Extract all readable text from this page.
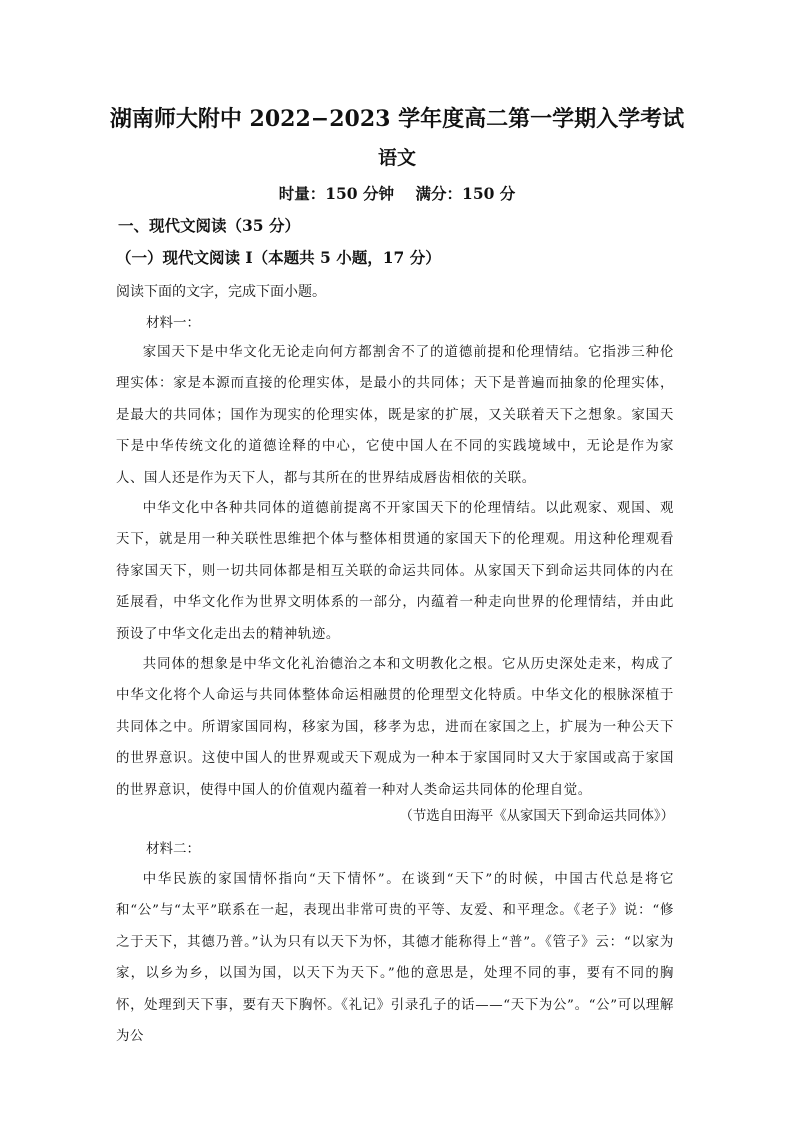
湖南师大附中 2022−2023 学年度高二第一学期入学考试
语文
时量：150 分钟    满分：150 分
一、现代文阅读（35 分）
（一）现代文阅读 I（本题共 5 小题，17 分）
阅读下面的文字，完成下面小题。
材料一：

家国天下是中华文化无论走向何方都割舍不了的道德前提和伦理情结。它指涉三种伦理实体：家是本源而直接的伦理实体，是最小的共同体；天下是普遍而抽象的伦理实体，是最大的共同体；国作为现实的伦理实体，既是家的扩展，又关联着天下之想象。家国天下是中华传统文化的道德诠释的中心，它使中国人在不同的实践境域中，无论是作为家人、国人还是作为天下人，都与其所在的世界结成唇齿相依的关联。

中华文化中各种共同体的道德前提离不开家国天下的伦理情结。以此观家、观国、观天下，就是用一种关联性思维把个体与整体相贯通的家国天下的伦理观。用这种伦理观看待家国天下，则一切共同体都是相互关联的命运共同体。从家国天下到命运共同体的内在延展看，中华文化作为世界文明体系的一部分，内蕴着一种走向世界的伦理情结，并由此预设了中华文化走出去的精神轨迹。

共同体的想象是中华文化礼治德治之本和文明教化之根。它从历史深处走来，构成了中华文化将个人命运与共同体整体命运相融贯的伦理型文化特质。中华文化的根脉深植于共同体之中。所谓家国同构，移家为国，移孝为忠，进而在家国之上，扩展为一种公天下的世界意识。这使中国人的世界观或天下观成为一种本于家国同时又大于家国或高于家国的世界意识，使得中国人的价值观内蕴着一种对人类命运共同体的伦理自觉。

（节选自田海平《从家国天下到命运共同体》）
材料二：

中华民族的家国情怀指向“天下情怀”。在谈到“天下”的时候，中国古代总是将它和“公”与“太平”联系在一起，表现出非常可贵的平等、友爱、和平理念。《老子》说：“修之于天下，其德乃普。”认为只有以天下为怀，其德才能称得上“普”。《管子》云：“以家为家，以乡为乡，以国为国，以天下为天下。”他的意思是，处理不同的事，要有不同的胸怀，处理到天下事，要有天下胸怀。《礼记》引录孔子的话——“天下为公”。“公”可以理解为公
